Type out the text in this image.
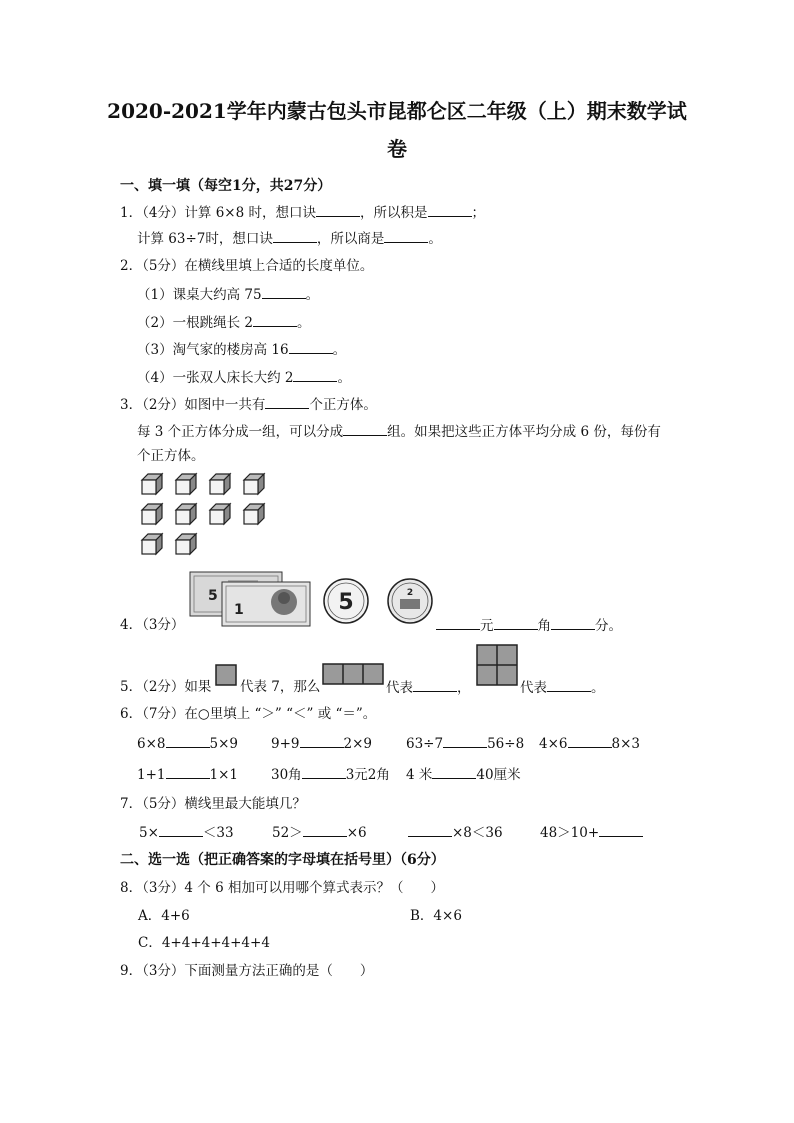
2020-2021学年内蒙古包头市昆都仑区二年级（上）期末数学试
卷
一、填一填（每空1分，共27分）
1．（4分）计算 6×8 时，想口诀	，所以积是	；
计算 63÷7时，想口诀	，所以商是	。
2．（5分）在横线里填上合适的长度单位。
（1）课桌大约高 75	。
（2）一根跳绳长 2	。
（3）淘气家的楼房高 16	。
（4）一张双人床长大约 2	。
3．（2分）如图中一共有	个正方体。
每 3 个正方体分成一组，可以分成	组。如果把这些正方体平均分成 6 份，每份有
个正方体。
5
1	5	2
4．（3分）	元	角	分。
5．（2分）如果 代表 7，那么	代表	，	代表	。
6．（7分）在○里填上 “＞” “＜” 或 “＝”。
6×8	5×9 9+9	2×9	63÷7	56÷8 4×6	8×3
1+1	1×1 30角	3元2角 4 米	40厘米
7．（5分）横线里最大能填几？
5×	＜33	52＞	×6	×8＜36	48＞10+
二、选一选（把正确答案的字母填在括号里）（6分）
8．（3分）4 个 6 相加可以用哪个算式表示？（　　）
A．4+6	B．4×6
C．4+4+4+4+4+4
9．（3分）下面测量方法正确的是（　　）
